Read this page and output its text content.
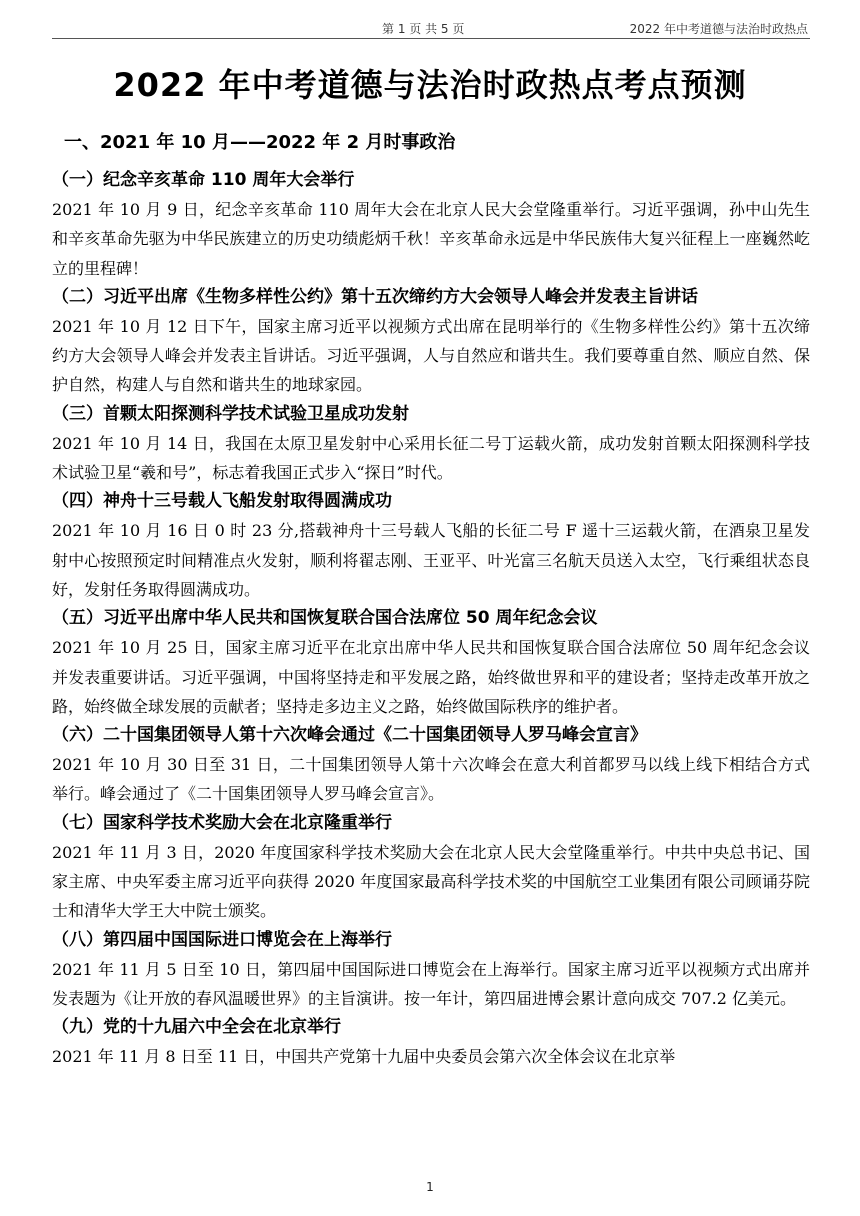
第 1 页 共 5 页	2022 年中考道德与法治时政热点
2022 年中考道德与法治时政热点考点预测
一、2021 年 10 月——2022 年 2 月时事政治
（一）纪念辛亥革命 110 周年大会举行

2021 年 10 月 9 日，纪念辛亥革命 110 周年大会在北京人民大会堂隆重举行。习近平强调，孙中山先生和辛亥革命先驱为中华民族建立的历史功绩彪炳千秋！辛亥革命永远是中华民族伟大复兴征程上一座巍然屹立的里程碑！

（二）习近平出席《生物多样性公约》第十五次缔约方大会领导人峰会并发表主旨讲话

2021 年 10 月 12 日下午，国家主席习近平以视频方式出席在昆明举行的《生物多样性公约》第十五次缔约方大会领导人峰会并发表主旨讲话。习近平强调，人与自然应和谐共生。我们要尊重自然、顺应自然、保护自然，构建人与自然和谐共生的地球家园。

（三）首颗太阳探测科学技术试验卫星成功发射

2021 年 10 月 14 日，我国在太原卫星发射中心采用长征二号丁运载火箭，成功发射首颗太阳探测科学技术试验卫星“羲和号”，标志着我国正式步入“探日”时代。

（四）神舟十三号载人飞船发射取得圆满成功

2021 年 10 月 16 日 0 时 23 分,搭载神舟十三号载人飞船的长征二号 F 遥十三运载火箭，在酒泉卫星发射中心按照预定时间精准点火发射，顺利将翟志刚、王亚平、叶光富三名航天员送入太空，飞行乘组状态良好，发射任务取得圆满成功。

（五）习近平出席中华人民共和国恢复联合国合法席位 50 周年纪念会议

2021 年 10 月 25 日，国家主席习近平在北京出席中华人民共和国恢复联合国合法席位 50 周年纪念会议并发表重要讲话。习近平强调，中国将坚持走和平发展之路，始终做世界和平的建设者；坚持走改革开放之路，始终做全球发展的贡献者；坚持走多边主义之路，始终做国际秩序的维护者。

（六）二十国集团领导人第十六次峰会通过《二十国集团领导人罗马峰会宣言》

2021 年 10 月 30 日至 31 日，二十国集团领导人第十六次峰会在意大利首都罗马以线上线下相结合方式举行。峰会通过了《二十国集团领导人罗马峰会宣言》。

（七）国家科学技术奖励大会在北京隆重举行

2021 年 11 月 3 日，2020 年度国家科学技术奖励大会在北京人民大会堂隆重举行。中共中央总书记、国家主席、中央军委主席习近平向获得 2020 年度国家最高科学技术奖的中国航空工业集团有限公司顾诵芬院士和清华大学王大中院士颁奖。

（八）第四届中国国际进口博览会在上海举行

2021 年 11 月 5 日至 10 日，第四届中国国际进口博览会在上海举行。国家主席习近平以视频方式出席并发表题为《让开放的春风温暖世界》的主旨演讲。按一年计，第四届进博会累计意向成交 707.2 亿美元。

（九）党的十九届六中全会在北京举行

2021 年 11 月 8 日至 11 日，中国共产党第十九届中央委员会第六次全体会议在北京举

1
